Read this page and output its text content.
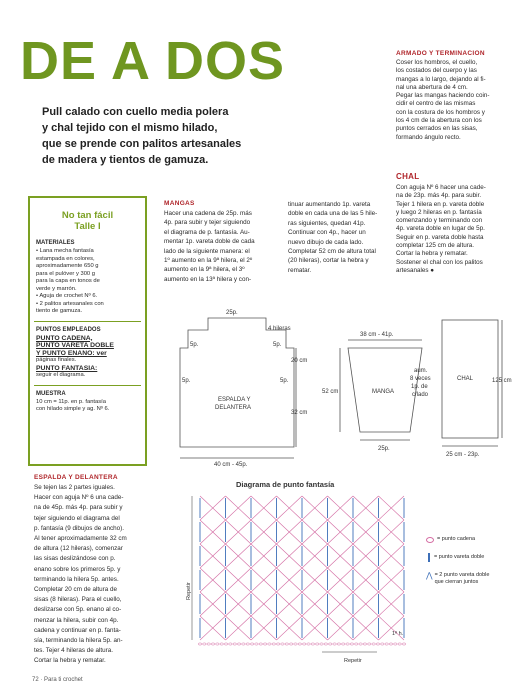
DE A DOS
Pull calado con cuello media polera
y chal tejido con el mismo hilado,
que se prende con palitos artesanales
de madera y tientos de gamuza.
ARMADO Y TERMINACION
Coser los hombros, el cuello,
los costados del cuerpo y las
mangas a lo largo, dejando al fi-
nal una abertura de 4 cm.
Pegar las mangas haciendo coin-
cidir el centro de las mismas
con la costura de los hombros y
los 4 cm de la abertura con los
puntos cerrados en las sisas,
formando ángulo recto.
CHAL
Con aguja Nº 6 hacer una cade-
na de 23p. más 4p. para subir.
Tejer 1 hilera en p. vareta doble
y luego 2 hileras en p. fantasía
comenzando y terminando con
4p. vareta doble en lugar de 5p.
Seguir en p. vareta doble hasta
completar 125 cm de altura.
Cortar la hebra y rematar.
Sostener el chal con los palitos
artesanales ●
No tan fácil
Talle I
MATERIALES
• Lana mecha fantasía
estampada en colores,
aproximadamente 650 g
para el pulóver y 300 g
para la capa en tonos de
verde y marrón.
• Aguja de crochet Nº 6.
• 2 palitos artesanales con
tiento de gamuza.
PUNTOS EMPLEADOS
PUNTO CADENA,
PUNTO VARETA DOBLE
Y PUNTO ENANO: ver
páginas finales.
PUNTO FANTASIA:
seguir el diagrama.
MUESTRA
10 cm = 11p. en p. fantasía
con hilado simple y ag. Nº 6.
ESPALDA Y DELANTERA
Se tejen las 2 partes iguales.
Hacer con aguja Nº 6 una cade-
na de 45p. más 4p. para subir y
tejer siguiendo el diagrama del
p. fantasía (9 dibujos de ancho).
Al tener aproximadamente 32 cm
de altura (12 hileras), comenzar
las sisas deslizándose con p.
enano sobre los primeros 5p. y
terminando la hilera 5p. antes.
Completar 20 cm de altura de
sisas (8 hileras). Para el cuello,
deslizarse con 5p. enano al co-
menzar la hilera, subir con 4p.
cadena y continuar en p. fanta-
sía, terminando la hilera 5p. an-
tes. Tejer 4 hileras de altura.
Cortar la hebra y rematar.
MANGAS
Hacer una cadena de 25p. más
4p. para subir y tejer siguiendo
el diagrama de p. fantasía. Au-
mentar 1p. vareta doble de cada
lado de la siguiente manera: el
1º aumento en la 9ª hilera, el 2º
aumento en la 9ª hilera, el 3º
aumento en la 13ª hilera y con-
tinuar aumentando 1p. vareta
doble en cada una de las 5 hile-
ras siguientes, quedan 41p.
Continuar con 4p., hacer un
nuevo dibujo de cada lado.
Completar 52 cm de altura total
(20 hileras), cortar la hebra y
rematar.
25p.
4 hileras
20 cm
32 cm
5p.	5p.
5p.	5p.
ESPALDA Y
DELANTERA
40 cm - 45p.
38 cm - 41p.
52 cm	MANGA
aum.
8 veces
1p. de
c/lado
25p.
CHAL	125 cm
25 cm - 23p.
Diagrama de punto fantasía
Repetir
Repetir
1º h.
= punto cadena
= punto vareta doble
⋀ = 2 punto vareta doble
que cierran juntos
72 · Para ti crochet
